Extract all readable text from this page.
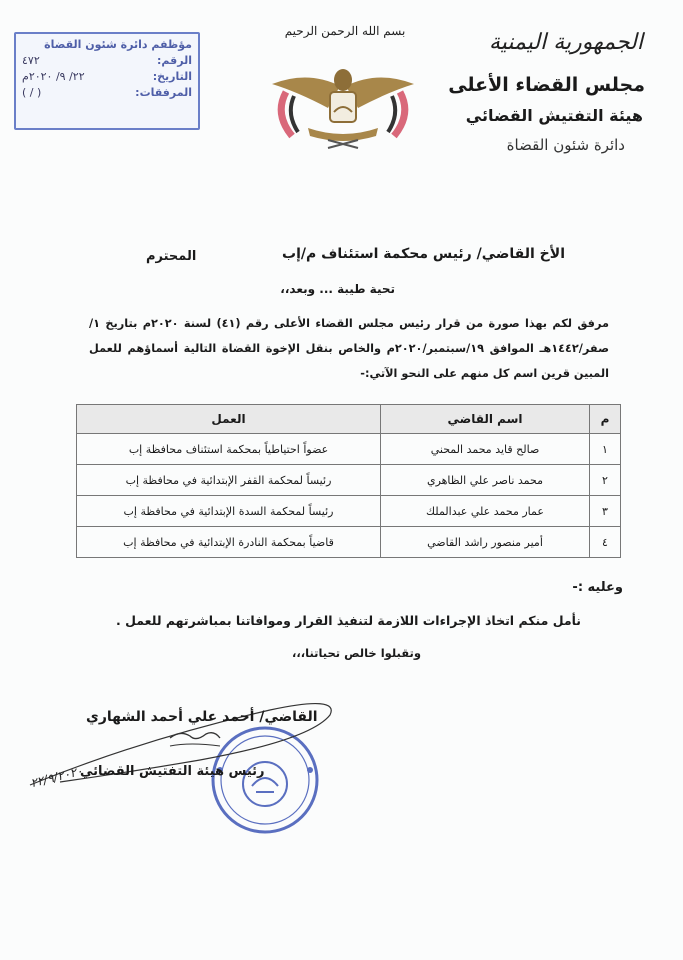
الجمهورية اليمنية
مجلس القضاء الأعلى
هيئة التفتيش القضائي
دائرة شئون القضاة
بسم الله الرحمن الرحيم
مؤظفم دائرة شئون القضاة
الرقم:
٤٧٢
التاريخ:
٢٢/ ٩/ ٢٠٢٠م
المرفقات:
( / )
الأخ القاضي/ رئيس محكمة استئناف م/إب
المحترم
تحية طيبة ... وبعد،،
مرفق لكم بهذا صورة من قرار رئيس مجلس القضاء الأعلى رقم (٤١) لسنة ٢٠٢٠م بتاريخ ١/صفر/١٤٤٢هـ الموافق ١٩/سبتمبر/٢٠٢٠م والخاص بنقل الإخوة القضاة التالية أسماؤهم للعمل المبين قرين اسم كل منهم على النحو الآتي:-
م	اسم القاضي	العمل
١	صالح قايد محمد المحني	عضواً احتياطياً بمحكمة استئناف محافظة إب
٢	محمد ناصر علي الظاهري	رئيساً لمحكمة القفر الإبتدائية في محافظة إب
٣	عمار محمد علي عبدالملك	رئيساً لمحكمة السدة الإبتدائية في محافظة إب
٤	أمير منصور راشد القاضي	قاضياً بمحكمة النادرة الإبتدائية في محافظة إب
وعليه :-
نأمل منكم اتخاذ الإجراءات اللازمة لتنفيذ القرار وموافاتنا بمباشرتهم للعمل .
وتقبلوا خالص تحياتنا،،،
القاضي/ أحمد علي أحمد الشهاري
رئيس هيئة التفتيش القضائي
٢٢/٩/٢٠٢٠
